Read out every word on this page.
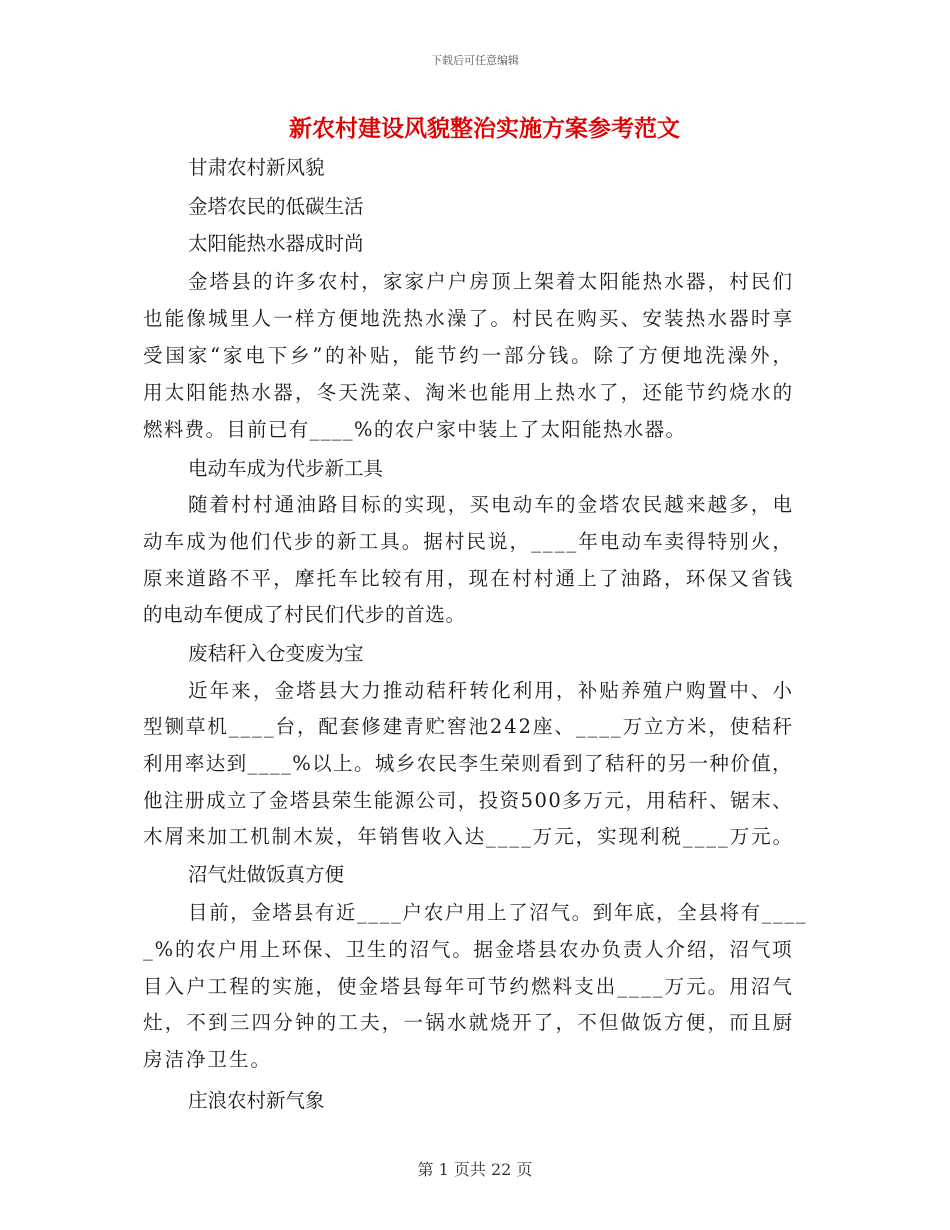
下载后可任意编辑
新农村建设风貌整治实施方案参考范文
甘肃农村新风貌
金塔农民的低碳生活
太阳能热水器成时尚
金塔县的许多农村，家家户户房顶上架着太阳能热水器，村民们
也能像城里人一样方便地洗热水澡了。村民在购买、安装热水器时享
受国家“家电下乡”的补贴，能节约一部分钱。除了方便地洗澡外，
用太阳能热水器，冬天洗菜、淘米也能用上热水了，还能节约烧水的
燃料费。目前已有____%的农户家中装上了太阳能热水器。
电动车成为代步新工具
随着村村通油路目标的实现，买电动车的金塔农民越来越多，电
动车成为他们代步的新工具。据村民说，____年电动车卖得特别火，
原来道路不平，摩托车比较有用，现在村村通上了油路，环保又省钱
的电动车便成了村民们代步的首选。
废秸秆入仓变废为宝
近年来，金塔县大力推动秸秆转化利用，补贴养殖户购置中、小
型铡草机____台，配套修建青贮窖池242座、____万立方米，使秸秆
利用率达到____%以上。城乡农民李生荣则看到了秸秆的另一种价值，
他注册成立了金塔县荣生能源公司，投资500多万元，用秸秆、锯末、
木屑来加工机制木炭，年销售收入达____万元，实现利税____万元。
沼气灶做饭真方便
目前，金塔县有近____户农户用上了沼气。到年底，全县将有____
_%的农户用上环保、卫生的沼气。据金塔县农办负责人介绍，沼气项
目入户工程的实施，使金塔县每年可节约燃料支出____万元。用沼气
灶，不到三四分钟的工夫，一锅水就烧开了，不但做饭方便，而且厨
房洁净卫生。
庄浪农村新气象
第 1 页共 22 页
